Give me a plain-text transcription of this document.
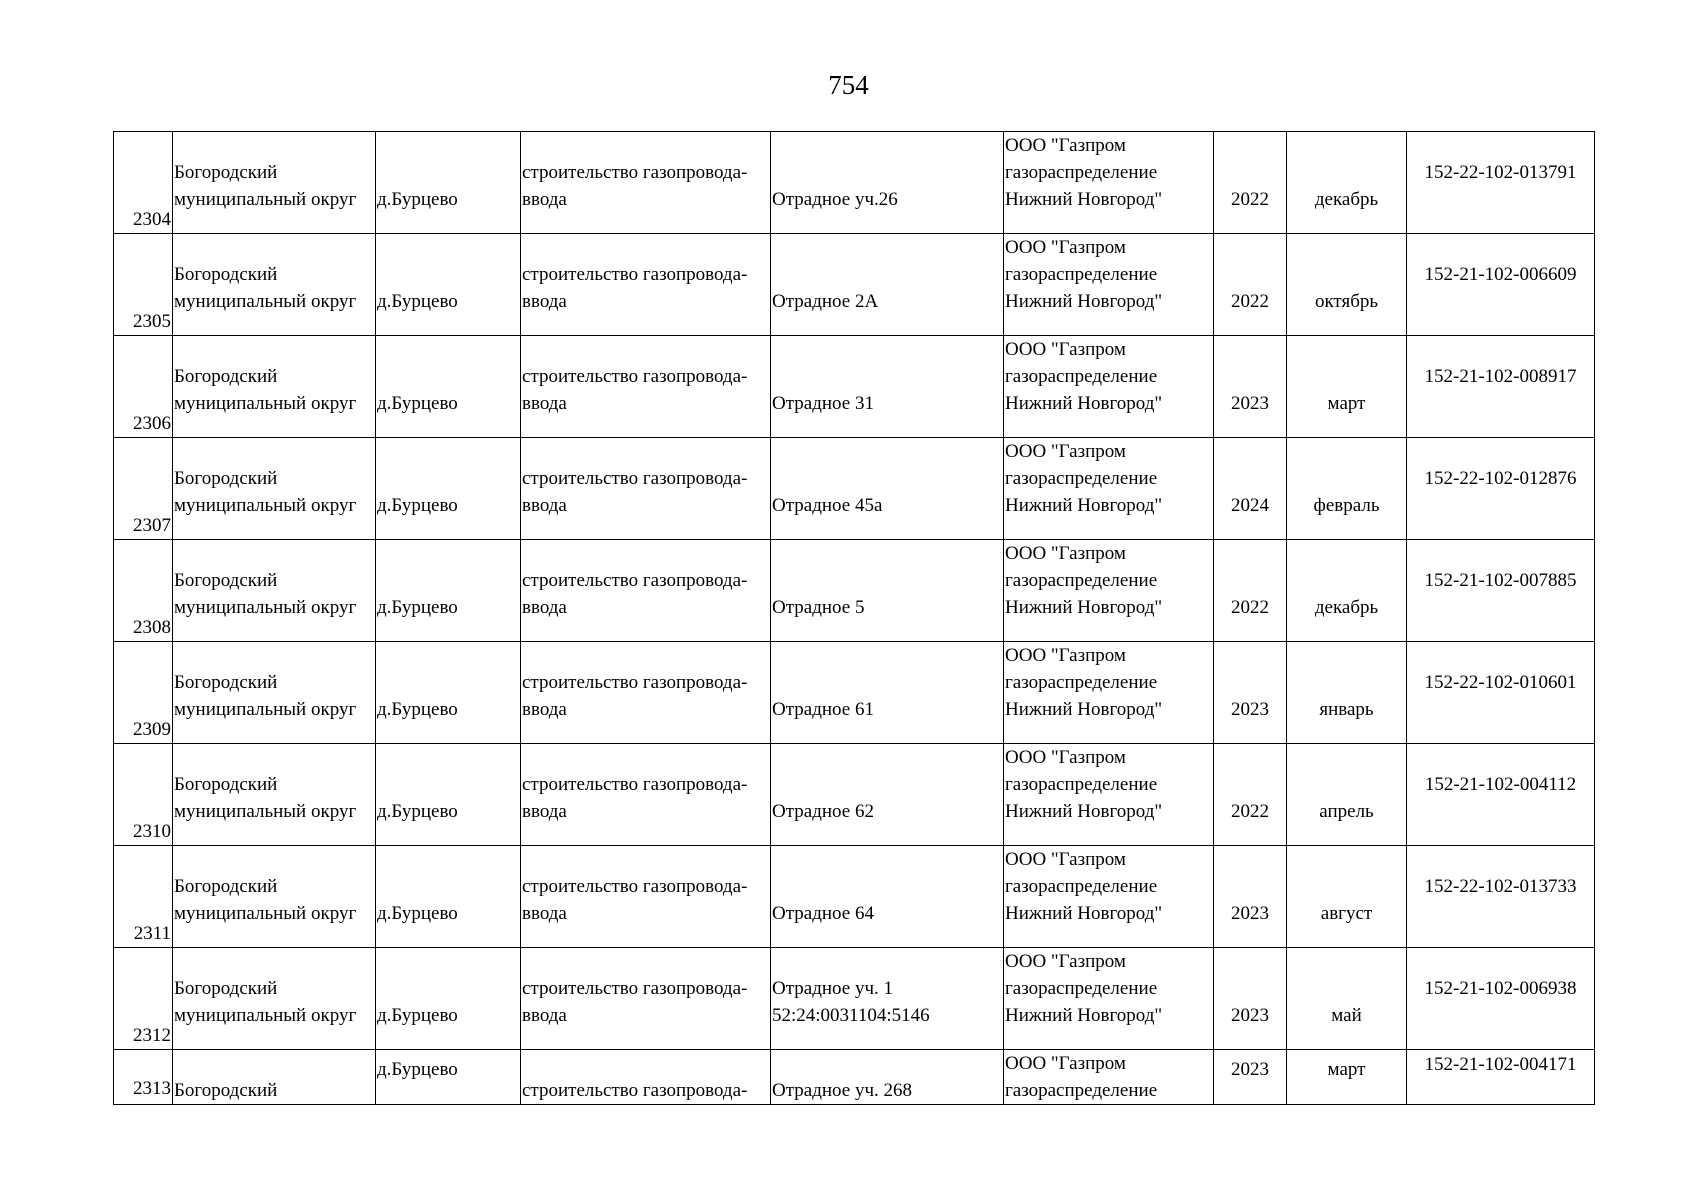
754
2304	Богородский
муниципальный округ	д.Бурцево	строительство газопровода-
ввода	Отрадное уч.26	ООО "Газпром
газораспределение
Нижний Новгород"	2022	декабрь	152-22-102-013791

2305	Богородский
муниципальный округ	д.Бурцево	строительство газопровода-
ввода	Отрадное 2А	ООО "Газпром
газораспределение
Нижний Новгород"	2022	октябрь	152-21-102-006609

2306	Богородский
муниципальный округ	д.Бурцево	строительство газопровода-
ввода	Отрадное 31	ООО "Газпром
газораспределение
Нижний Новгород"	2023	март	152-21-102-008917

2307	Богородский
муниципальный округ	д.Бурцево	строительство газопровода-
ввода	Отрадное 45а	ООО "Газпром
газораспределение
Нижний Новгород"	2024	февраль	152-22-102-012876

2308	Богородский
муниципальный округ	д.Бурцево	строительство газопровода-
ввода	Отрадное 5	ООО "Газпром
газораспределение
Нижний Новгород"	2022	декабрь	152-21-102-007885

2309	Богородский
муниципальный округ	д.Бурцево	строительство газопровода-
ввода	Отрадное 61	ООО "Газпром
газораспределение
Нижний Новгород"	2023	январь	152-22-102-010601

2310	Богородский
муниципальный округ	д.Бурцево	строительство газопровода-
ввода	Отрадное 62	ООО "Газпром
газораспределение
Нижний Новгород"	2022	апрель	152-21-102-004112

2311	Богородский
муниципальный округ	д.Бурцево	строительство газопровода-
ввода	Отрадное 64	ООО "Газпром
газораспределение
Нижний Новгород"	2023	август	152-22-102-013733

2312	Богородский
муниципальный округ	д.Бурцево	строительство газопровода-
ввода	Отрадное уч. 1
52:24:0031104:5146	ООО "Газпром
газораспределение
Нижний Новгород"	2023	май	152-21-102-006938

2313	Богородский	д.Бурцево	строительство газопровода-	Отрадное уч. 268	ООО "Газпром
газораспределение	2023	март	152-21-102-004171
